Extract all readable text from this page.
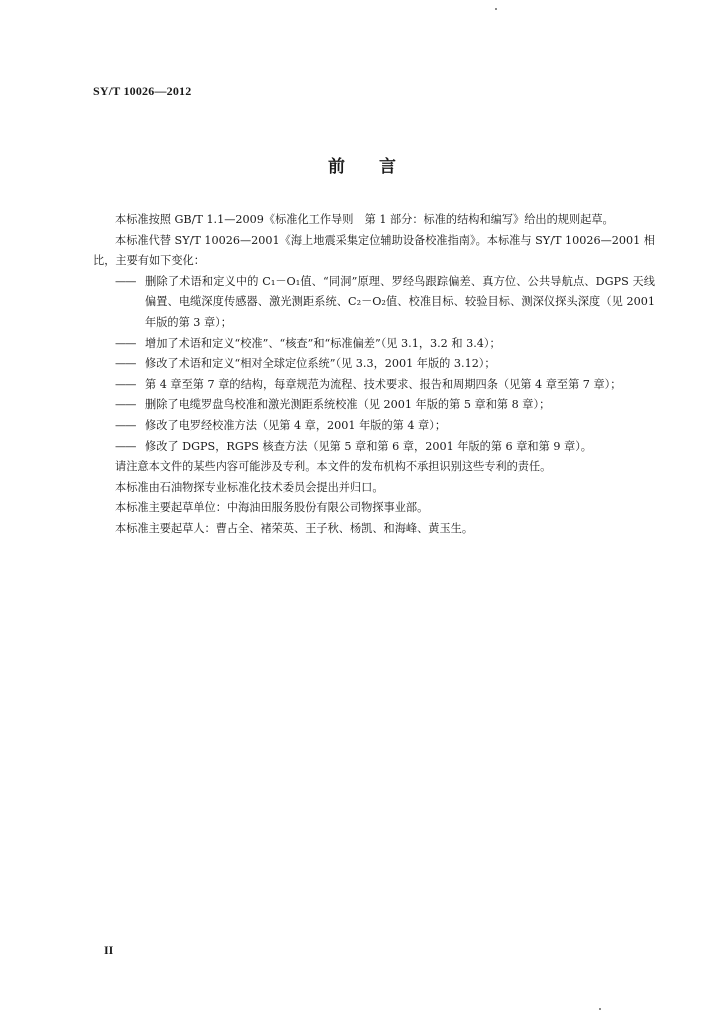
SY/T 10026—2012
前言

本标准按照 GB/T 1.1—2009《标准化工作导则　第 1 部分：标准的结构和编写》给出的规则起草。

本标准代替 SY/T 10026—2001《海上地震采集定位辅助设备校准指南》。本标准与 SY/T 10026—2001 相比，主要有如下变化：

—— 删除了术语和定义中的 C₁－O₁值、“同洞”原理、罗经鸟跟踪偏差、真方位、公共导航点、DGPS 天线偏置、电缆深度传感器、激光测距系统、C₂－O₂值、校准目标、较验目标、测深仪探头深度（见 2001 年版的第 3 章）；

—— 增加了术语和定义“校准”、“核查”和“标准偏差”（见 3.1，3.2 和 3.4）；

—— 修改了术语和定义“相对全球定位系统”（见 3.3，2001 年版的 3.12）；

—— 第 4 章至第 7 章的结构，每章规范为流程、技术要求、报告和周期四条（见第 4 章至第 7 章）；

—— 删除了电缆罗盘鸟校准和激光测距系统校准（见 2001 年版的第 5 章和第 8 章）；

—— 修改了电罗经校准方法（见第 4 章，2001 年版的第 4 章）；

—— 修改了 DGPS，RGPS 核查方法（见第 5 章和第 6 章，2001 年版的第 6 章和第 9 章）。

请注意本文件的某些内容可能涉及专利。本文件的发布机构不承担识别这些专利的责任。

本标准由石油物探专业标准化技术委员会提出并归口。

本标准主要起草单位：中海油田服务股份有限公司物探事业部。

本标准主要起草人：曹占全、褚荣英、王子秋、杨凯、和海峰、黄玉生。

II
